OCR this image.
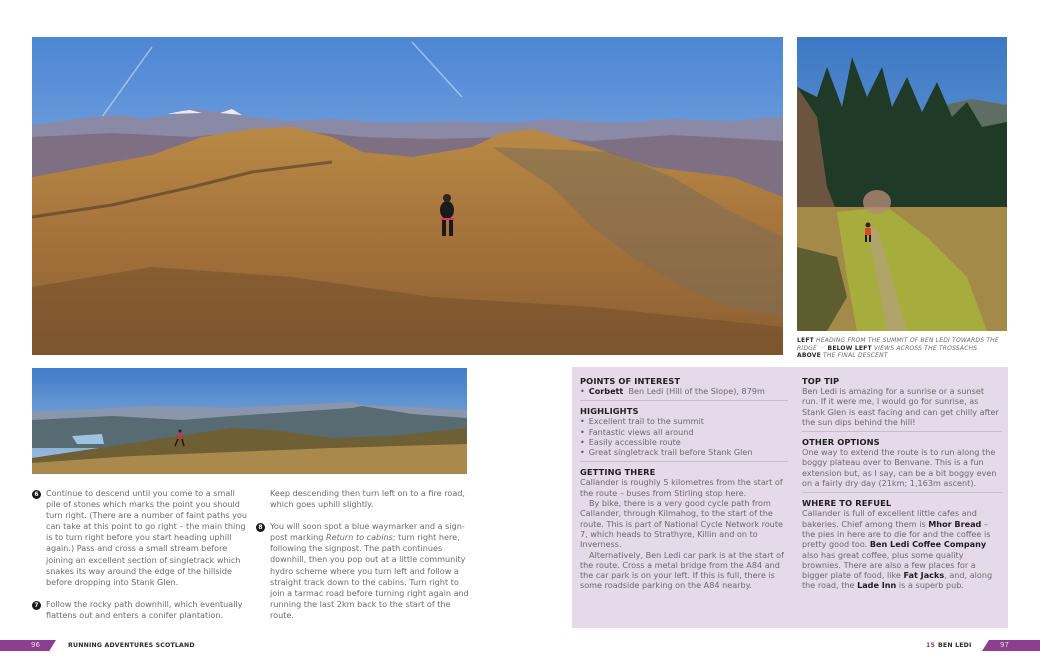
LEFT HEADING FROM THE SUMMIT OF BEN LEDI TOWARDS THE RIDGE  ·  BELOW LEFT VIEWS ACROSS THE TROSSACHS
ABOVE THE FINAL DESCENT
6 Continue to descend until you come to a small pile of stones which marks the point you should turn right. (There are a number of faint paths you can take at this point to go right – the main thing is to turn right before you start heading uphill again.) Pass and cross a small stream before joining an excellent section of singletrack which snakes its way around the edge of the hillside before dropping into Stank Glen.
7 Follow the rocky path downhill, which eventually flattens out and enters a conifer plantation.
Keep descending then turn left on to a fire road, which goes uphill slightly.
8 You will soon spot a blue waymarker and a sign-post marking Return to cabins; turn right here, following the signpost. The path continues downhill, then you pop out at a little community hydro scheme where you turn left and follow a straight track down to the cabins. Turn right to join a tarmac road before turning right again and running the last 2km back to the start of the route.
POINTS OF INTEREST
• Corbett Ben Ledi (Hill of the Slope), 879m
HIGHLIGHTS
• Excellent trail to the summit
• Fantastic views all around
• Easily accessible route
• Great singletrack trail before Stank Glen
GETTING THERE
Callander is roughly 5 kilometres from the start of the route – buses from Stirling stop here.
By bike, there is a very good cycle path from Callander, through Kilmahog, to the start of the route. This is part of National Cycle Network route 7, which heads to Strathyre, Killin and on to Inverness.
Alternatively, Ben Ledi car park is at the start of the route. Cross a metal bridge from the A84 and the car park is on your left. If this is full, there is some roadside parking on the A84 nearby.
TOP TIP
Ben Ledi is amazing for a sunrise or a sunset run. If it were me, I would go for sunrise, as Stank Glen is east facing and can get chilly after the sun dips behind the hill!
OTHER OPTIONS
One way to extend the route is to run along the boggy plateau over to Benvane. This is a fun extension but, as I say, can be a bit boggy even on a fairly dry day (21km; 1,163m ascent).
WHERE TO REFUEL
Callander is full of excellent little cafes and bakeries. Chief among them is Mhor Bread – the pies in here are to die for and the coffee is pretty good too. Ben Ledi Coffee Company also has great coffee, plus some quality brownies. There are also a few places for a bigger plate of food, like Fat Jacks, and, along the road, the Lade Inn is a superb pub.
96	RUNNING ADVENTURES SCOTLAND	15 BEN LEDI	97
